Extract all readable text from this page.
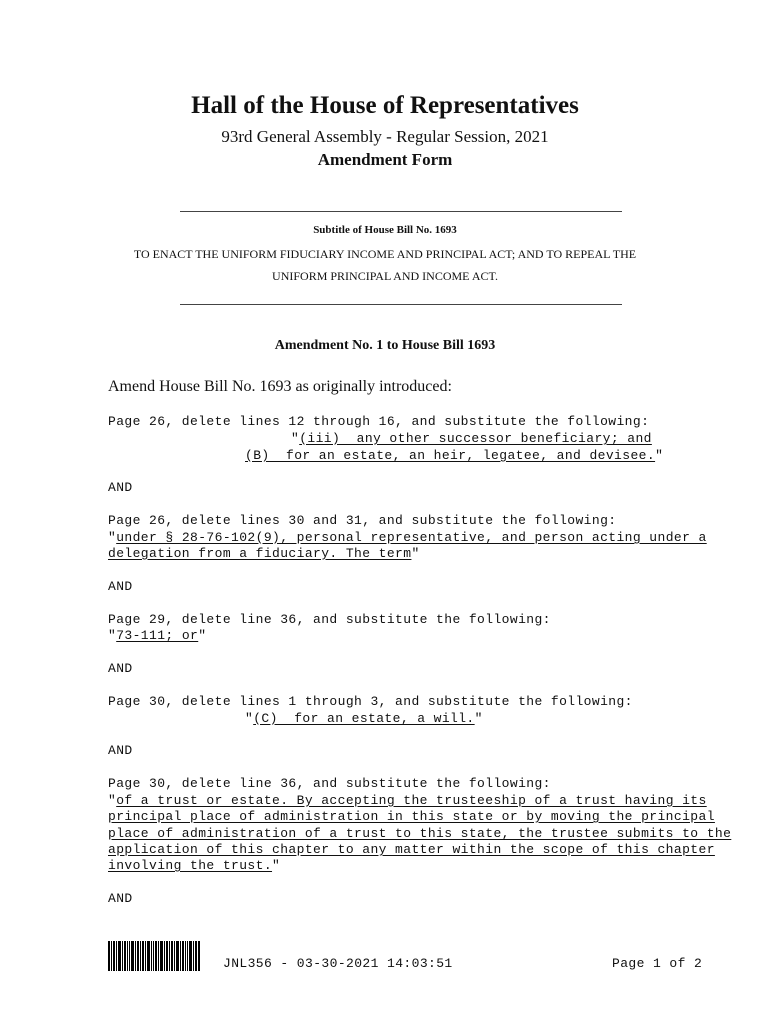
Hall of the House of Representatives
93rd General Assembly - Regular Session, 2021
Amendment Form
Subtitle of House Bill No. 1693
TO ENACT THE UNIFORM FIDUCIARY INCOME AND PRINCIPAL ACT; AND TO REPEAL THE
UNIFORM PRINCIPAL AND INCOME ACT.
Amendment No. 1 to House Bill 1693
Amend House Bill No. 1693 as originally introduced:
Page 26, delete lines 12 through 16, and substitute the following:
"(iii)  any other successor beneficiary; and
(B)  for an estate, an heir, legatee, and devisee."
AND
Page 26, delete lines 30 and 31, and substitute the following:
"under § 28-76-102(9), personal representative, and person acting under a
delegation from a fiduciary. The term"
AND
Page 29, delete line 36, and substitute the following:
"73-111; or"
AND
Page 30, delete lines 1 through 3, and substitute the following:
"(C)  for an estate, a will."
AND
Page 30, delete line 36, and substitute the following:
"of a trust or estate. By accepting the trusteeship of a trust having its
principal place of administration in this state or by moving the principal
place of administration of a trust to this state, the trustee submits to the
application of this chapter to any matter within the scope of this chapter
involving the trust."
AND
JNL356 - 03-30-2021 14:03:51	Page 1 of 2
